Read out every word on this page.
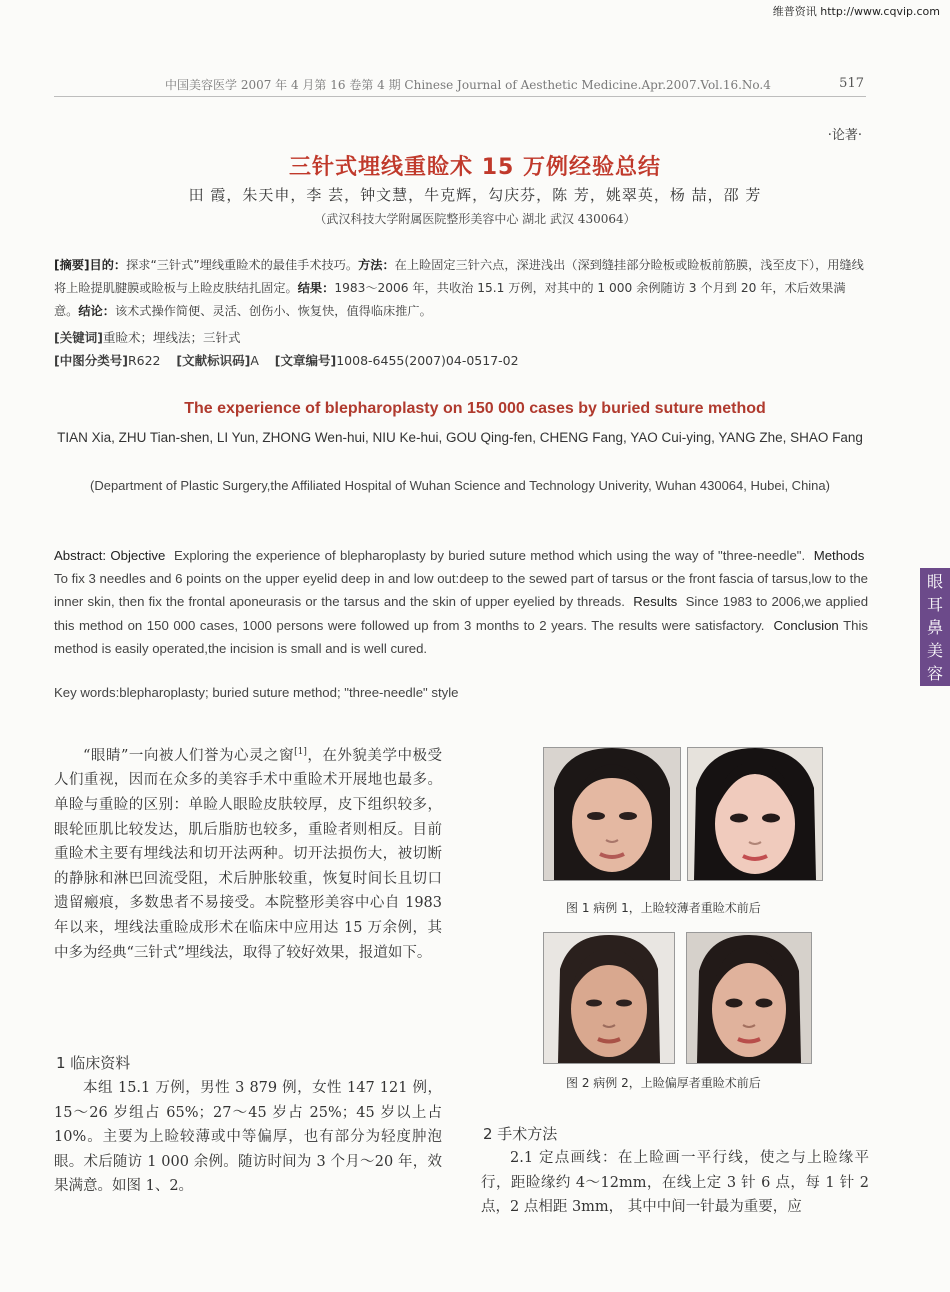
维普资讯 http://www.cqvip.com
中国美容医学 2007 年 4 月第 16 卷第 4 期 Chinese Journal of Aesthetic Medicine.Apr.2007.Vol.16.No.4	517
·论著·
三针式埋线重睑术 15 万例经验总结
田 霞，朱天申，李 芸，钟文慧，牛克辉，勾庆芬，陈 芳，姚翠英，杨 喆，邵 芳
（武汉科技大学附属医院整形美容中心 湖北 武汉 430064）
[摘要]目的：探求“三针式”埋线重睑术的最佳手术技巧。方法：在上睑固定三针六点，深进浅出（深到缝挂部分睑板或睑板前筋膜，浅至皮下），用缝线将上睑提肌腱膜或睑板与上睑皮肤结扎固定。结果：1983～2006 年，共收治 15.1 万例，对其中的 1 000 余例随访 3 个月到 20 年，术后效果满意。结论：该术式操作简便、灵活、创伤小、恢复快，值得临床推广。
[关键词]重睑术；埋线法；三针式
[中图分类号]R622 [文献标识码]A [文章编号]1008-6455(2007)04-0517-02
The experience of blepharoplasty on 150 000 cases by buried suture method
TIAN Xia, ZHU Tian-shen, LI Yun, ZHONG Wen-hui, NIU Ke-hui, GOU Qing-fen, CHENG Fang, YAO Cui-ying, YANG Zhe, SHAO Fang
(Department of Plastic Surgery,the Affiliated Hospital of Wuhan Science and Technology Univerity, Wuhan 430064, Hubei, China)
Abstract: Objective Exploring the experience of blepharoplasty by buried suture method which using the way of "three-needle". Methods  To fix 3 needles and 6 points on the upper eyelid deep in and low out:deep to the sewed part of tarsus or the front fascia of tarsus,low to the inner skin, then fix the frontal aponeurasis or the tarsus and the skin of upper eyelied by threads. Results Since 1983 to 2006,we applied this method on 150 000 cases, 1000 persons were followed up from 3 months to 2 years. The results were satisfactory. Conclusion This method is easily operated,the incision is small and is well cured.
Key words:blepharoplasty; buried suture method; "three-needle" style
眼
耳
鼻
美
容

“眼睛”一向被人们誉为心灵之窗[1]，在外貌美学中极受人们重视，因而在众多的美容手术中重睑术开展地也最多。单睑与重睑的区别：单睑人眼睑皮肤较厚，皮下组织较多，眼轮匝肌比较发达，肌后脂肪也较多，重睑者则相反。目前重睑术主要有埋线法和切开法两种。切开法损伤大，被切断的静脉和淋巴回流受阻，术后肿胀较重，恢复时间长且切口遗留瘢痕，多数患者不易接受。本院整形美容中心自 1983 年以来，埋线法重睑成形术在临床中应用达 15 万余例，其中多为经典“三针式”埋线法，取得了较好效果，报道如下。

1 临床资料

本组 15.1 万例，男性 3 879 例，女性 147 121 例，15～26 岁组占 65%；27～45 岁占 25%；45 岁以上占 10%。主要为上睑较薄或中等偏厚，也有部分为轻度肿泡眼。术后随访 1 000 余例。随访时间为 3 个月～20 年，效果满意。如图 1、2。

图 1 病例 1，上睑较薄者重睑术前后
图 2 病例 2，上睑偏厚者重睑术前后
2 手术方法

2.1 定点画线：在上睑画一平行线，使之与上睑缘平行，距睑缘约 4～12mm，在线上定 3 针 6 点，每 1 针 2 点，2 点相距 3mm， 其中中间一针最为重要，应
